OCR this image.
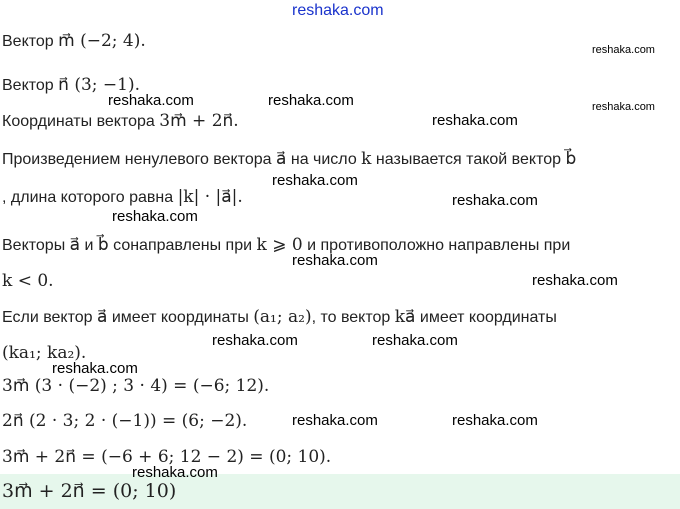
reshaka.com
Вектор m⃗ (−2; 4).
Вектор n⃗ (3; −1).
Координаты вектора 3m⃗ + 2n⃗.
Произведением ненулевого вектора a⃗ на число k называется такой вектор b⃗
, длина которого равна |k| · |a⃗|.
Векторы a⃗ и b⃗ сонаправлены при k ⩾ 0 и противоположно направлены при
k < 0.
Если вектор a⃗ имеет координаты (a₁; a₂), то вектор ka⃗ имеет координаты
(ka₁; ka₂).
3m⃗ (3 · (−2) ; 3 · 4) = (−6; 12).
2n⃗ (2 · 3; 2 · (−1)) = (6; −2).
3m⃗ + 2n⃗ = (−6 + 6; 12 − 2) = (0; 10).
3m⃗ + 2n⃗ = (0; 10)
reshaka.com
reshaka.com
reshaka.com	reshaka.com
reshaka.com
reshaka.com
reshaka.com
reshaka.com
reshaka.com
reshaka.com
reshaka.com	reshaka.com
reshaka.com
reshaka.com	reshaka.com
reshaka.com
